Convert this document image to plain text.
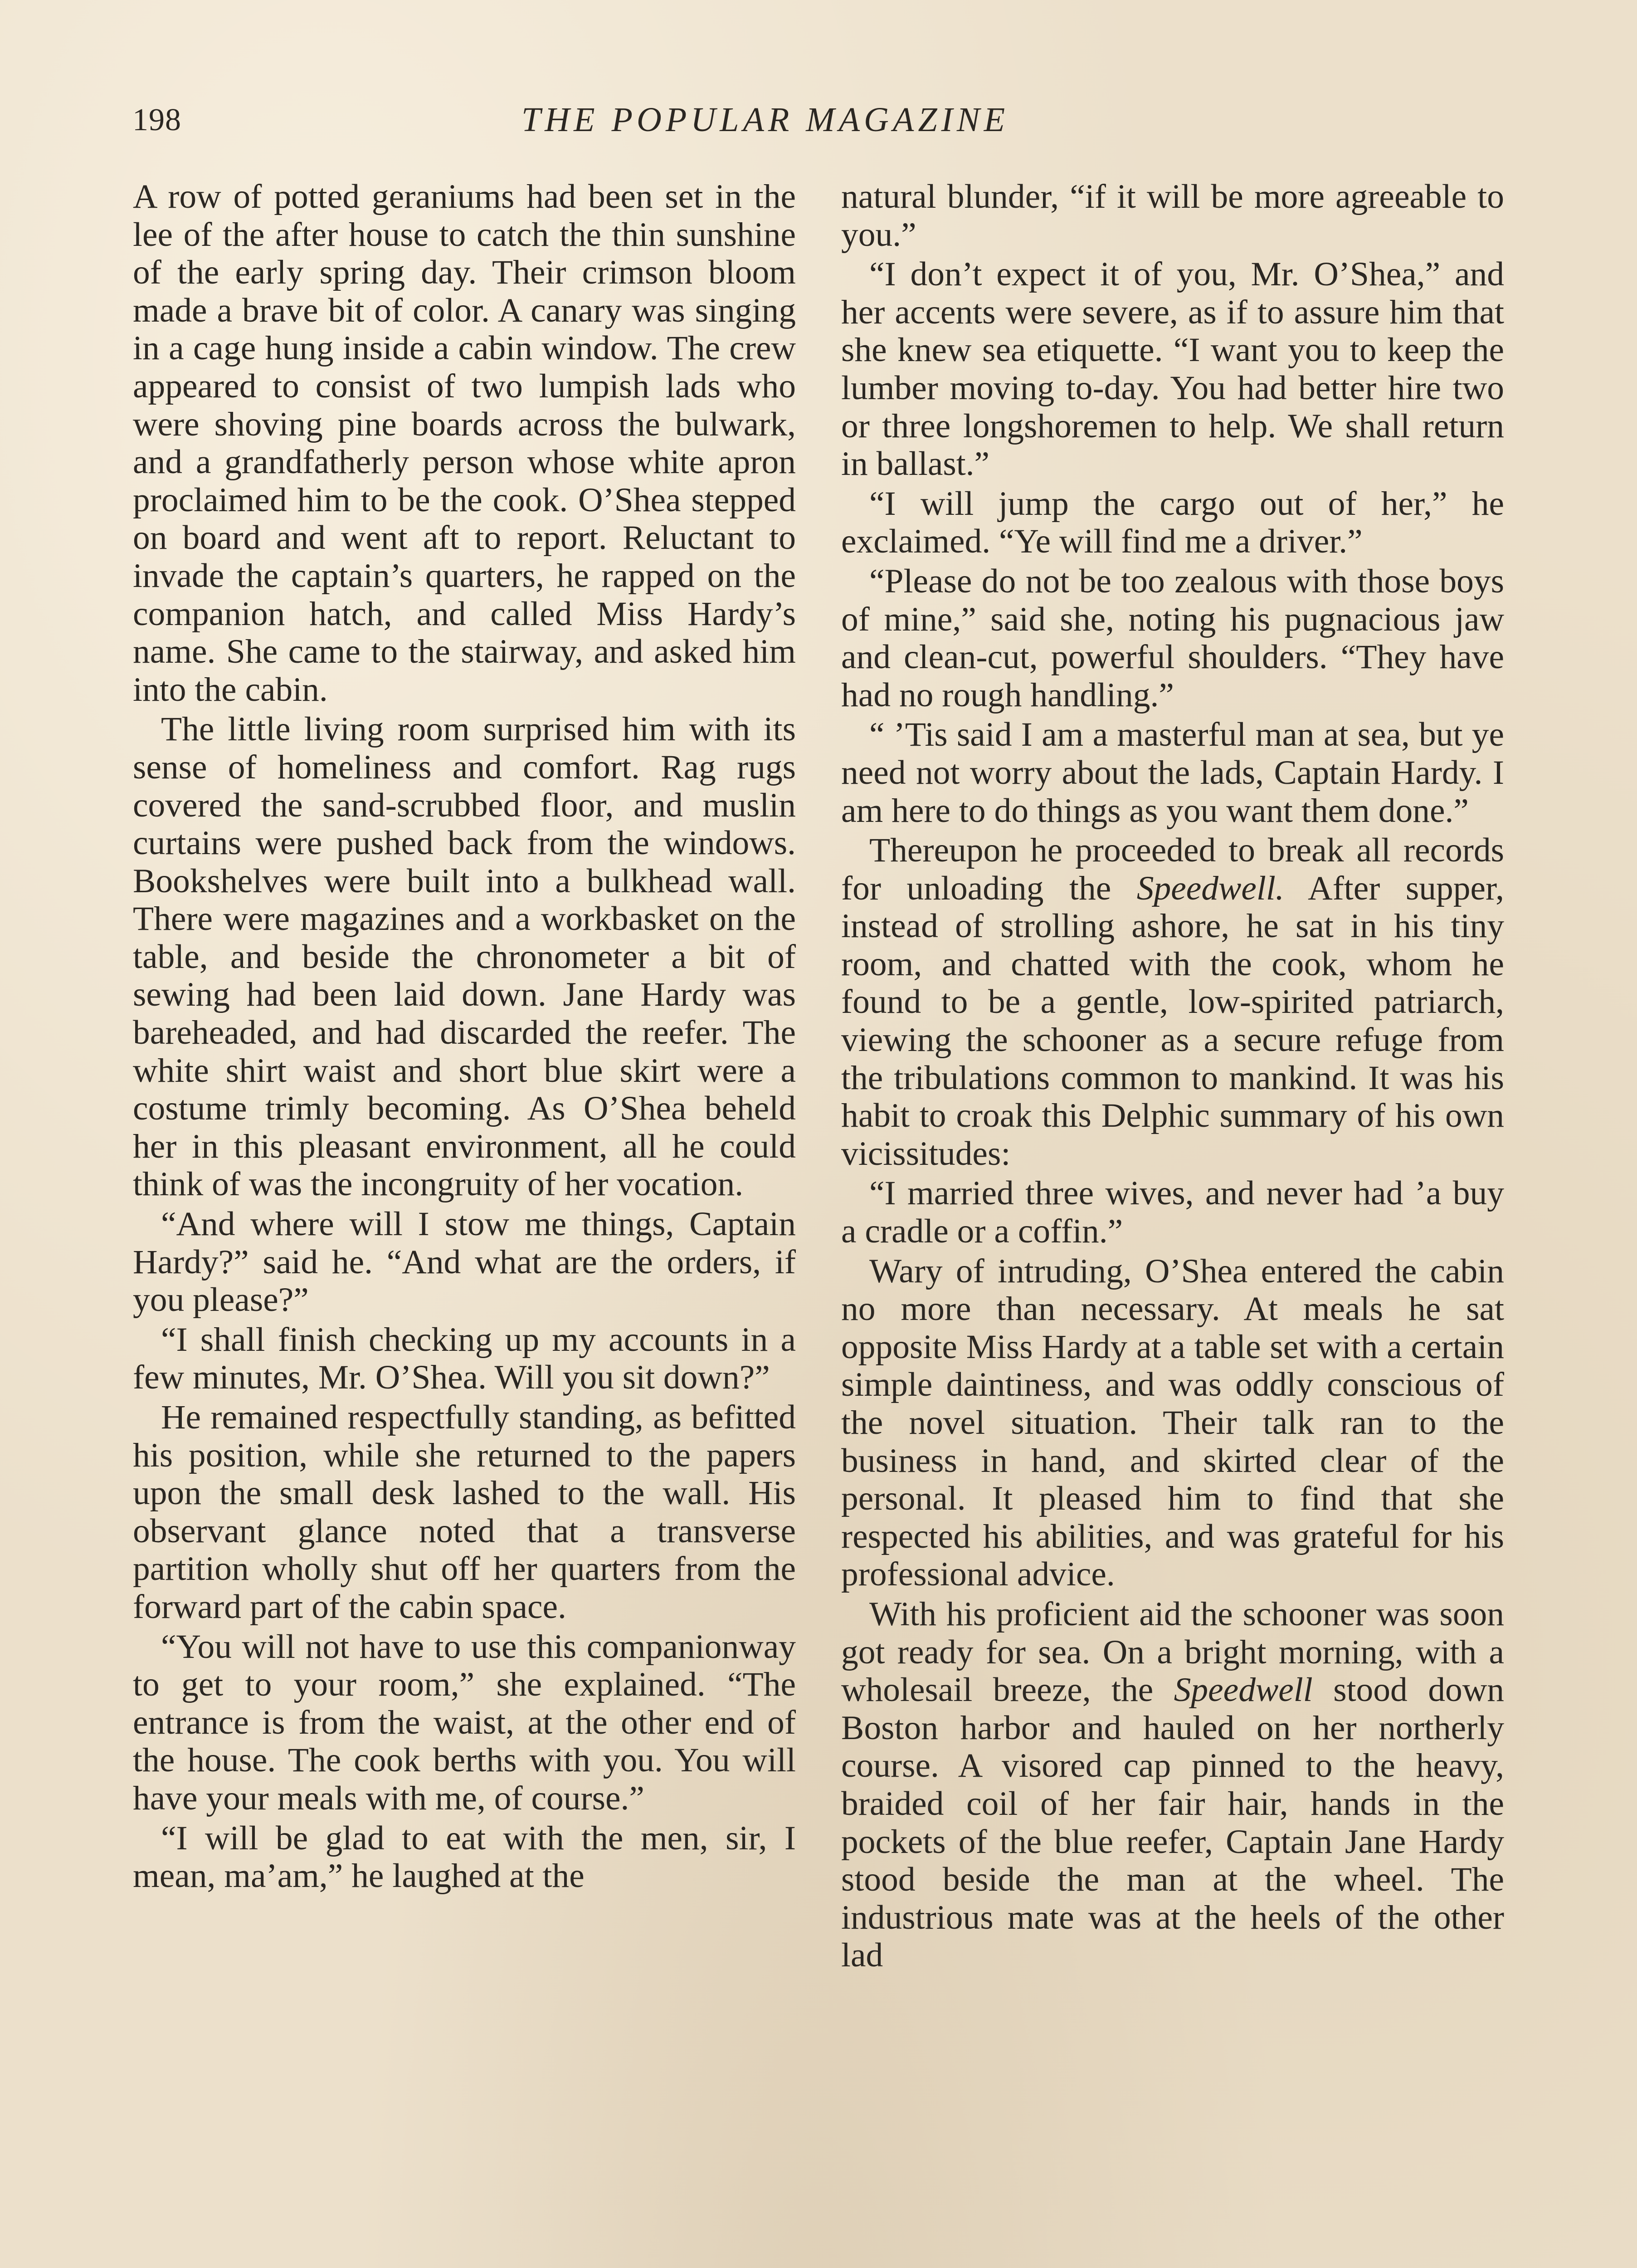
198	THE POPULAR MAGAZINE

A row of potted geraniums had been set in the lee of the after house to catch the thin sunshine of the early spring day. Their crimson bloom made a brave bit of color. A canary was singing in a cage hung inside a cabin window. The crew appeared to consist of two lumpish lads who were shoving pine boards across the bulwark, and a grandfatherly person whose white apron proclaimed him to be the cook. O’Shea stepped on board and went aft to report. Reluctant to invade the captain’s quarters, he rapped on the companion hatch, and called Miss Hardy’s name. She came to the stairway, and asked him into the cabin.

The little living room surprised him with its sense of homeliness and comfort. Rag rugs covered the sand-scrubbed floor, and muslin curtains were pushed back from the windows. Bookshelves were built into a bulkhead wall. There were magazines and a workbasket on the table, and beside the chronometer a bit of sewing had been laid down. Jane Hardy was bareheaded, and had discarded the reefer. The white shirt waist and short blue skirt were a costume trimly becoming. As O’Shea beheld her in this pleasant environment, all he could think of was the incongruity of her vocation.

“And where will I stow me things, Captain Hardy?” said he. “And what are the orders, if you please?”

“I shall finish checking up my accounts in a few minutes, Mr. O’Shea. Will you sit down?”

He remained respectfully standing, as befitted his position, while she returned to the papers upon the small desk lashed to the wall. His observant glance noted that a transverse partition wholly shut off her quarters from the forward part of the cabin space.

“You will not have to use this companionway to get to your room,” she explained. “The entrance is from the waist, at the other end of the house. The cook berths with you. You will have your meals with me, of course.”

“I will be glad to eat with the men, sir, I mean, ma’am,” he laughed at the

natural blunder, “if it will be more agreeable to you.”

“I don’t expect it of you, Mr. O’Shea,” and her accents were severe, as if to assure him that she knew sea etiquette. “I want you to keep the lumber moving to-day. You had better hire two or three longshoremen to help. We shall return in ballast.”

“I will jump the cargo out of her,” he exclaimed. “Ye will find me a driver.”

“Please do not be too zealous with those boys of mine,” said she, noting his pugnacious jaw and clean-cut, powerful shoulders. “They have had no rough handling.”

“ ’Tis said I am a masterful man at sea, but ye need not worry about the lads, Captain Hardy. I am here to do things as you want them done.”

Thereupon he proceeded to break all records for unloading the Speedwell. After supper, instead of strolling ashore, he sat in his tiny room, and chatted with the cook, whom he found to be a gentle, low-spirited patriarch, viewing the schooner as a secure refuge from the tribulations common to mankind. It was his habit to croak this Delphic summary of his own vicissitudes:

“I married three wives, and never had ’a buy a cradle or a coffin.”

Wary of intruding, O’Shea entered the cabin no more than necessary. At meals he sat opposite Miss Hardy at a table set with a certain simple daintiness, and was oddly conscious of the novel situation. Their talk ran to the business in hand, and skirted clear of the personal. It pleased him to find that she respected his abilities, and was grateful for his professional advice.

With his proficient aid the schooner was soon got ready for sea. On a bright morning, with a wholesail breeze, the Speedwell stood down Boston harbor and hauled on her northerly course. A visored cap pinned to the heavy, braided coil of her fair hair, hands in the pockets of the blue reefer, Captain Jane Hardy stood beside the man at the wheel. The industrious mate was at the heels of the other lad
